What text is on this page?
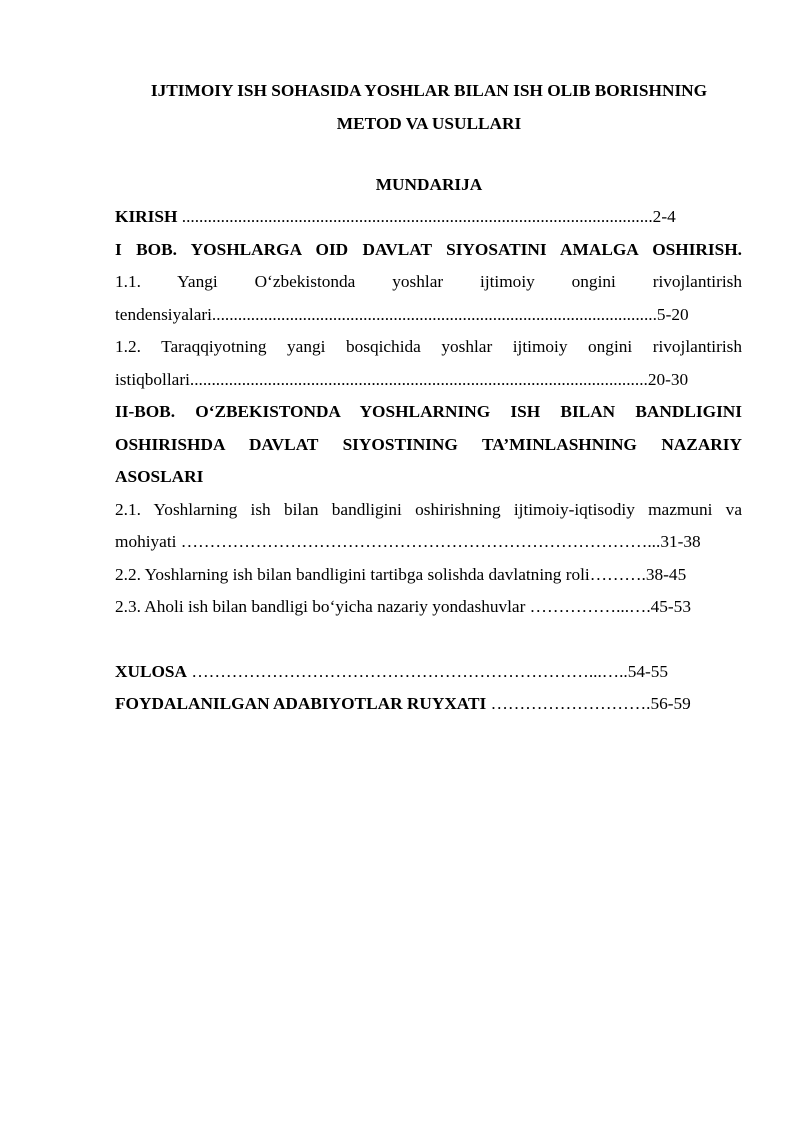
IJTIMOIY ISH SOHASIDA YOSHLAR BILAN ISH OLIB BORISHNING
METOD VA USULLARI
MUNDARIJA

KIRISH .............................................................................................................2-4

I BOB. YOSHLARGA OID DAVLAT SIYOSATINI AMALGA OSHIRISH.

1.1. Yangi O‘zbekistonda yoshlar ijtimoiy ongini rivojlantirish

tendensiyalari.......................................................................................................5-20

1.2. Taraqqiyotning yangi bosqichida yoshlar ijtimoiy ongini rivojlantirish

istiqbollari..........................................................................................................20-30

II-BOB. O‘ZBEKISTONDA YOSHLARNING ISH BILAN BANDLIGINI OSHIRISHDA DAVLAT SIYOSTINING TA’MINLASHNING NAZARIY ASOSLARI

2.1. Yoshlarning ish bilan bandligini oshirishning ijtimoiy-iqtisodiy mazmuni va

mohiyati ………………………………………………………………………...31-38

2.2. Yoshlarning ish bilan bandligini tartibga solishda davlatning roli……….38-45

2.3. Aholi ish bilan bandligi bo‘yicha nazariy yondashuvlar ……………...….45-53

XULOSA ……………………………………………………………...…..54-55

FOYDALANILGAN ADABIYOTLAR RUYXATI ……………………….56-59
